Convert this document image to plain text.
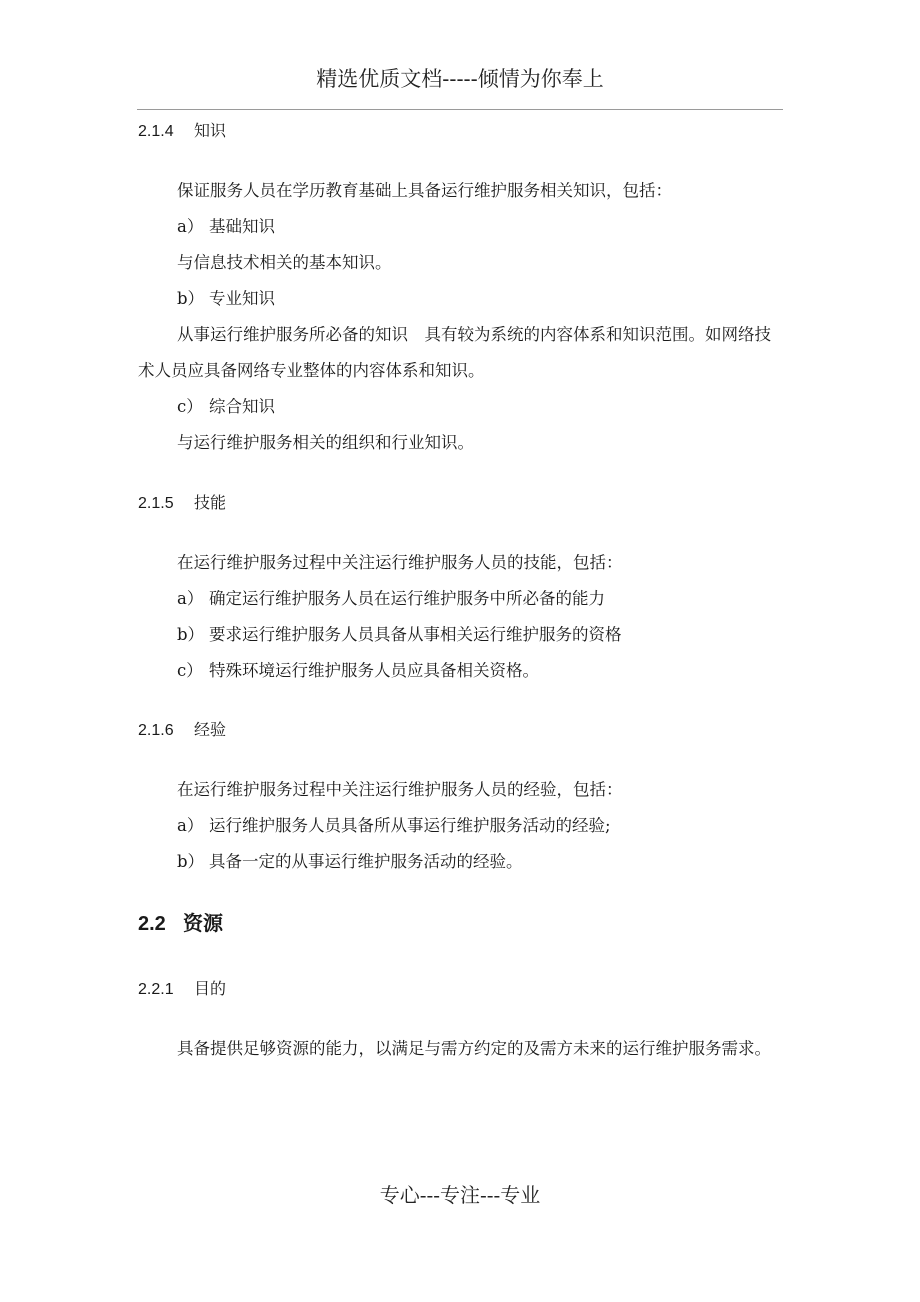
精选优质文档-----倾情为你奉上
2.1.4 知识
保证服务人员在学历教育基础上具备运行维护服务相关知识，包括：
a） 基础知识
与信息技术相关的基本知识。
b） 专业知识
从事运行维护服务所必备的知识　具有较为系统的内容体系和知识范围。如网络技术人员应具备网络专业整体的内容体系和知识。
c） 综合知识
与运行维护服务相关的组织和行业知识。
2.1.5 技能
在运行维护服务过程中关注运行维护服务人员的技能，包括：
a） 确定运行维护服务人员在运行维护服务中所必备的能力
b） 要求运行维护服务人员具备从事相关运行维护服务的资格
c） 特殊环境运行维护服务人员应具备相关资格。
2.1.6 经验
在运行维护服务过程中关注运行维护服务人员的经验，包括：
a） 运行维护服务人员具备所从事运行维护服务活动的经验;
b） 具备一定的从事运行维护服务活动的经验。
2.2 资源
2.2.1 目的
具备提供足够资源的能力，以满足与需方约定的及需方未来的运行维护服务需求。
专心---专注---专业
